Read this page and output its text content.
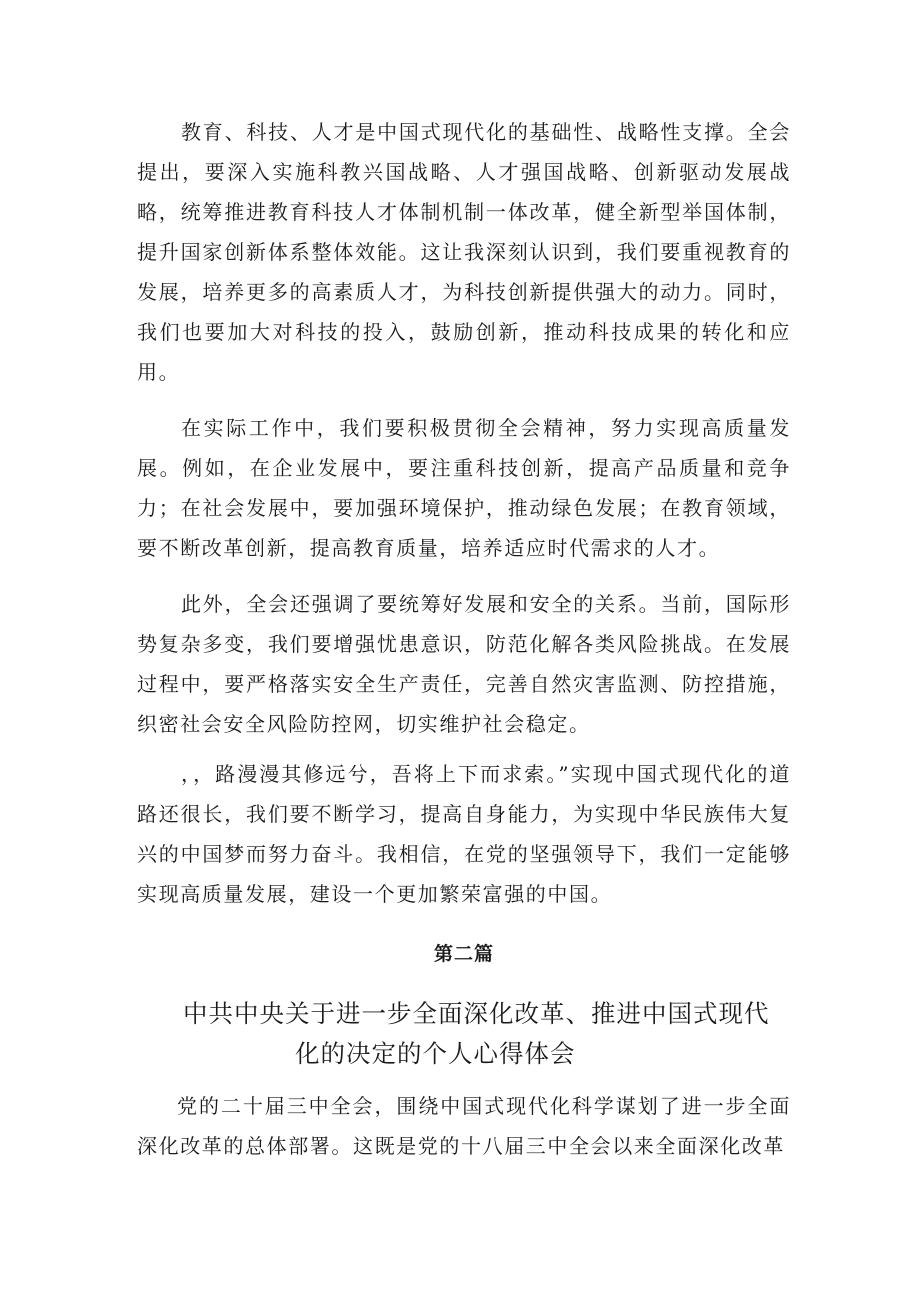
教育、科技、人才是中国式现代化的基础性、战略性支撑。全会提出，要深入实施科教兴国战略、人才强国战略、创新驱动发展战略，统筹推进教育科技人才体制机制一体改革，健全新型举国体制，提升国家创新体系整体效能。这让我深刻认识到，我们要重视教育的发展，培养更多的高素质人才，为科技创新提供强大的动力。同时，我们也要加大对科技的投入，鼓励创新，推动科技成果的转化和应用。

在实际工作中，我们要积极贯彻全会精神，努力实现高质量发展。例如，在企业发展中，要注重科技创新，提高产品质量和竞争力；在社会发展中，要加强环境保护，推动绿色发展；在教育领域，要不断改革创新，提高教育质量，培养适应时代需求的人才。

此外，全会还强调了要统筹好发展和安全的关系。当前，国际形势复杂多变，我们要增强忧患意识，防范化解各类风险挑战。在发展过程中，要严格落实安全生产责任，完善自然灾害监测、防控措施，织密社会安全风险防控网，切实维护社会稳定。

，，路漫漫其修远兮，吾将上下而求索。”实现中国式现代化的道路还很长，我们要不断学习，提高自身能力，为实现中华民族伟大复兴的中国梦而努力奋斗。我相信，在党的坚强领导下，我们一定能够实现高质量发展，建设一个更加繁荣富强的中国。

第二篇

中共中央关于进一步全面深化改革、推进中国式现代
化的决定的个人心得体会

党的二十届三中全会，围绕中国式现代化科学谋划了进一步全面深化改革的总体部署。这既是党的十八届三中全会以来全面深化改革
